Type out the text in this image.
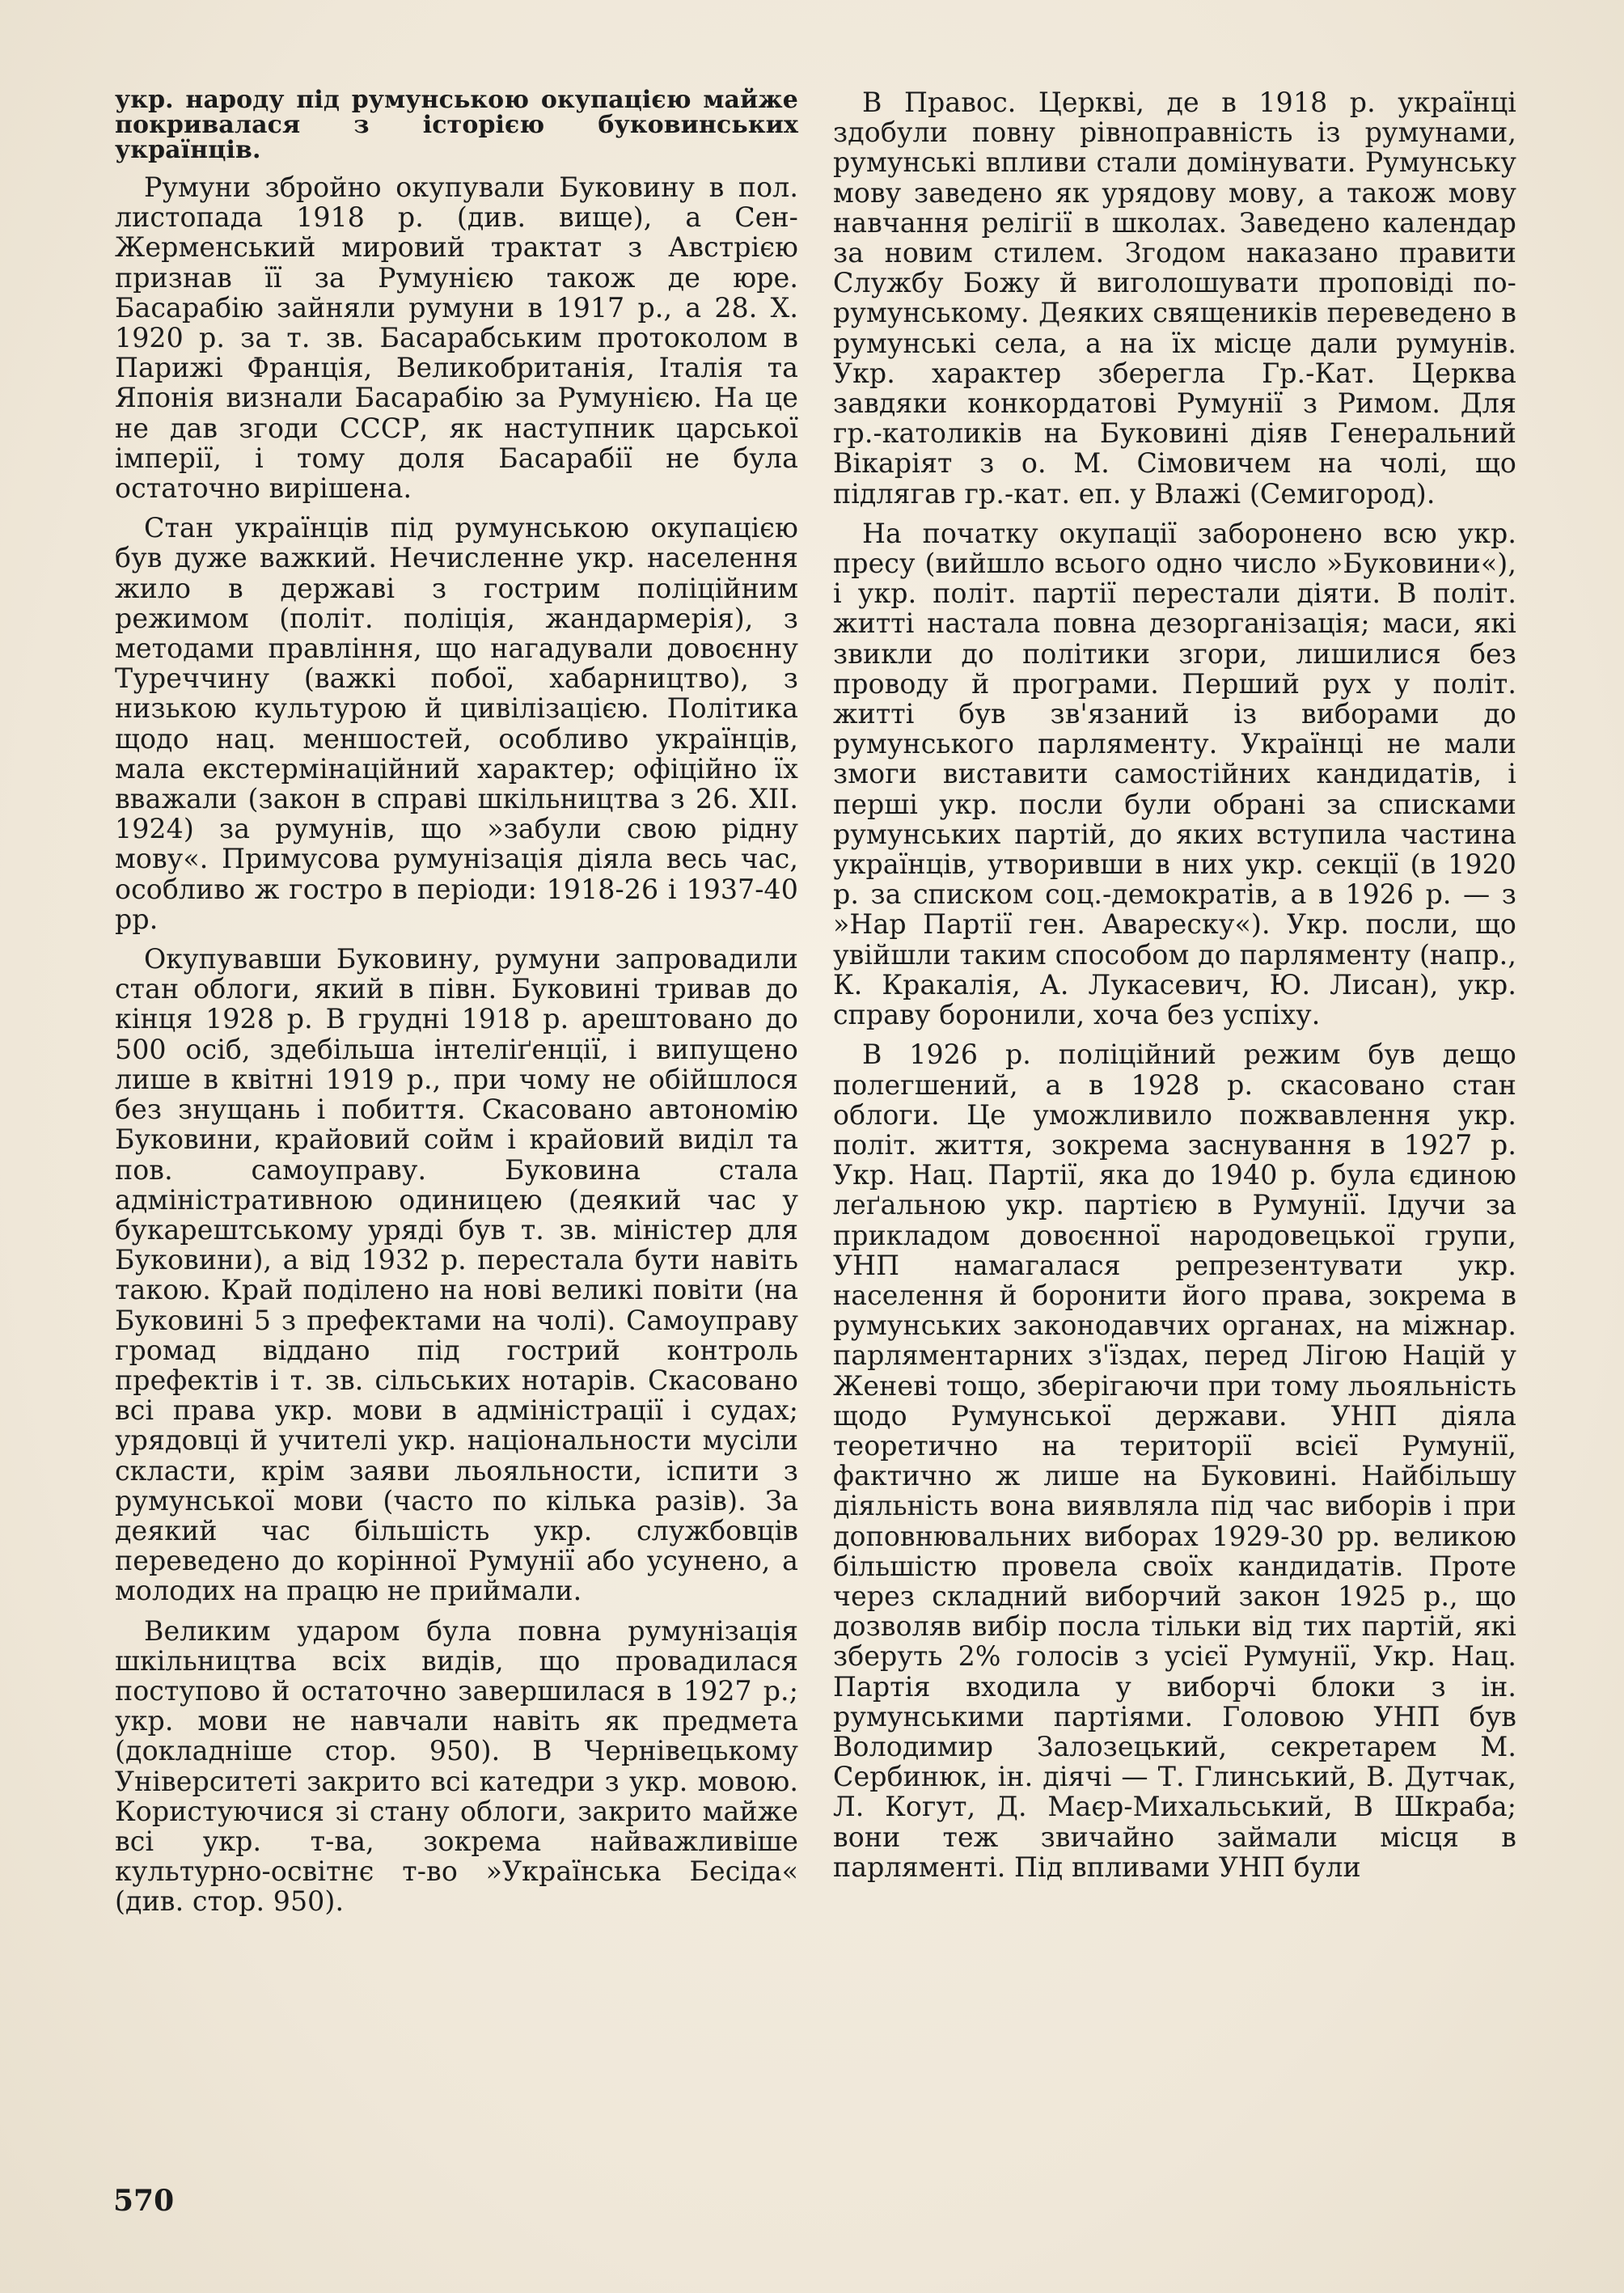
укр. народу під румунською окупацією майже покривалася з історією буковинських українців.

Румуни збройно окупували Буковину в пол. листопада 1918 р. (див. вище), а Сен-Жерменський мировий трактат з Австрією признав її за Румунією також де юре. Басарабію зайняли румуни в 1917 р., а 28. X. 1920 р. за т. зв. Басарабським протоколом в Парижі Франція, Великобританія, Італія та Японія визнали Басарабію за Румунією. На це не дав згоди СССР, як наступник царської імперії, і тому доля Басарабії не була остаточно вирішена.

Стан українців під румунською окупацією був дуже важкий. Нечисленне укр. населення жило в державі з гострим поліційним режимом (політ. поліція, жандармерія), з методами правління, що нагадували довоєнну Туреччину (важкі побої, хабарництво), з низькою культурою й цивілізацією. Політика щодо нац. меншостей, особливо українців, мала екстермінаційний характер; офіційно їх вважали (закон в справі шкільництва з 26. XII. 1924) за румунів, що »забули свою рідну мову«. Примусова румунізація діяла весь час, особливо ж гостро в періоди: 1918-26 і 1937-40 рр.

Окупувавши Буковину, румуни запровадили стан облоги, який в півн. Буковині тривав до кінця 1928 р. В грудні 1918 р. арештовано до 500 осіб, здебільша інтеліґенції, і випущено лише в квітні 1919 р., при чому не обійшлося без знущань і побиття. Скасовано автономію Буковини, крайовий сойм і крайовий виділ та пов. самоуправу. Буковина стала адміністративною одиницею (деякий час у букарештському уряді був т. зв. міністер для Буковини), а від 1932 р. перестала бути навіть такою. Край поділено на нові великі повіти (на Буковині 5 з префектами на чолі). Самоуправу громад віддано під гострий контроль префектів і т. зв. сільських нотарів. Скасовано всі права укр. мови в адміністрації і судах; урядовці й учителі укр. національности мусіли скласти, крім заяви льояльности, іспити з румунської мови (часто по кілька разів). За деякий час більшість укр. службовців переведено до корінної Румунії або усунено, а молодих на працю не приймали.

Великим ударом була повна румунізація шкільництва всіх видів, що провадилася поступово й остаточно завершилася в 1927 р.; укр. мови не навчали навіть як предмета (докладніше стор. 950). В Чернівецькому Університеті закрито всі катедри з укр. мовою. Користуючися зі стану облоги, закрито майже всі укр. т-ва, зокрема найважливіше культурно-освітнє т-во »Українська Бесіда« (див. стор. 950).

В Правос. Церкві, де в 1918 р. українці здобули повну рівноправність із румунами, румунські впливи стали домінувати. Румунську мову заведено як урядову мову, а також мову навчання релігії в школах. Заведено календар за новим стилем. Згодом наказано правити Службу Божу й виголошувати проповіді по-румунському. Деяких священиків переведено в румунські села, а на їх місце дали румунів. Укр. характер зберегла Гр.-Кат. Церква завдяки конкордатові Румунії з Римом. Для гр.-католиків на Буковині діяв Генеральний Вікаріят з о. М. Сімовичем на чолі, що підлягав гр.-кат. еп. у Влажі (Семигород).

На початку окупації заборонено всю укр. пресу (вийшло всього одно число »Буковини«), і укр. політ. партії перестали діяти. В політ. житті настала повна дезорганізація; маси, які звикли до політики згори, лишилися без проводу й програми. Перший рух у політ. житті був зв'язаний із виборами до румунського парляменту. Українці не мали змоги виставити самостійних кандидатів, і перші укр. посли були обрані за списками румунських партій, до яких вступила частина українців, утворивши в них укр. секції (в 1920 р. за списком соц.-демократів, а в 1926 р. — з »Нар Партії ген. Авареску«). Укр. посли, що увійшли таким способом до парляменту (напр., К. Кракалія, А. Лукасевич, Ю. Лисан), укр. справу боронили, хоча без успіху.

В 1926 р. поліційний режим був дещо полегшений, а в 1928 р. скасовано стан облоги. Це уможливило пожвавлення укр. політ. життя, зокрема заснування в 1927 р. Укр. Нац. Партії, яка до 1940 р. була єдиною леґальною укр. партією в Румунії. Ідучи за прикладом довоєнної народовецької групи, УНП намагалася репрезентувати укр. населення й боронити його права, зокрема в румунських законодавчих органах, на міжнар. парляментарних з'їздах, перед Лігою Націй у Женеві тощо, зберігаючи при тому льояльність щодо Румунської держави. УНП діяла теоретично на території всієї Румунії, фактично ж лише на Буковині. Найбільшу діяльність вона виявляла під час виборів і при доповнювальних виборах 1929-30 рр. великою більшістю провела своїх кандидатів. Проте через складний виборчий закон 1925 р., що дозволяв вибір посла тільки від тих партій, які зберуть 2% голосів з усієї Румунії, Укр. Нац. Партія входила у виборчі блоки з ін. румунськими партіями. Головою УНП був Володимир Залозецький, секретарем М. Сербинюк, ін. діячі — Т. Глинський, В. Дутчак, Л. Когут, Д. Маєр-Михальський, В Шкраба; вони теж звичайно займали місця в парляменті. Під впливами УНП були

570
